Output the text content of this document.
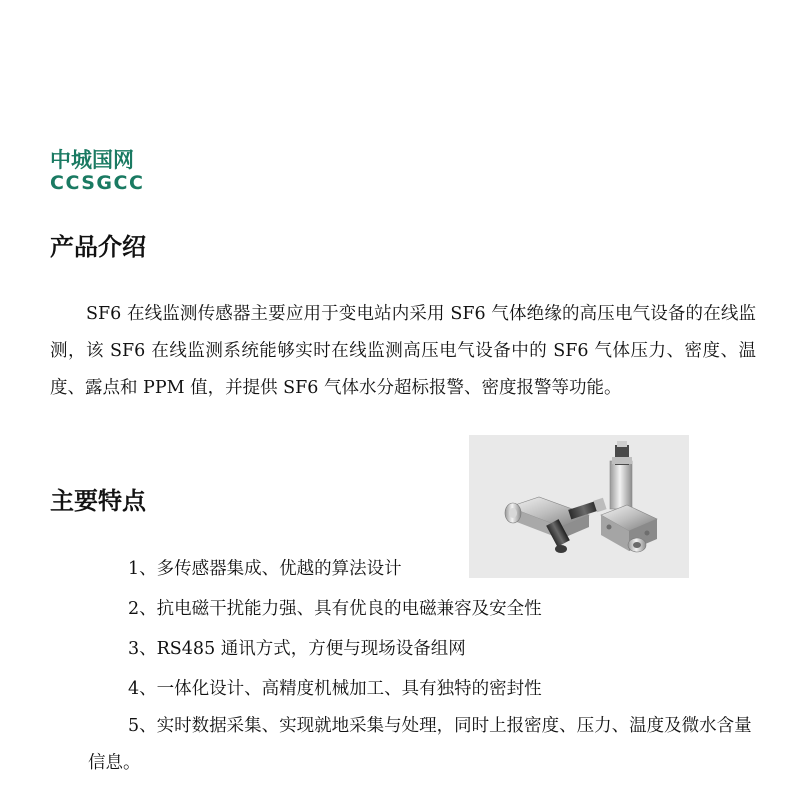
中城国网
CCSGCC
产品介绍

SF6 在线监测传感器主要应用于变电站内采用 SF6 气体绝缘的高压电气设备的在线监测，该 SF6 在线监测系统能够实时在线监测高压电气设备中的 SF6 气体压力、密度、温度、露点和 PPM 值，并提供 SF6 气体水分超标报警、密度报警等功能。

主要特点

1、多传感器集成、优越的算法设计

2、抗电磁干扰能力强、具有优良的电磁兼容及安全性

3、RS485 通讯方式，方便与现场设备组网

4、一体化设计、高精度机械加工、具有独特的密封性

5、实时数据采集、实现就地采集与处理，同时上报密度、压力、温度及微水含量信息。
